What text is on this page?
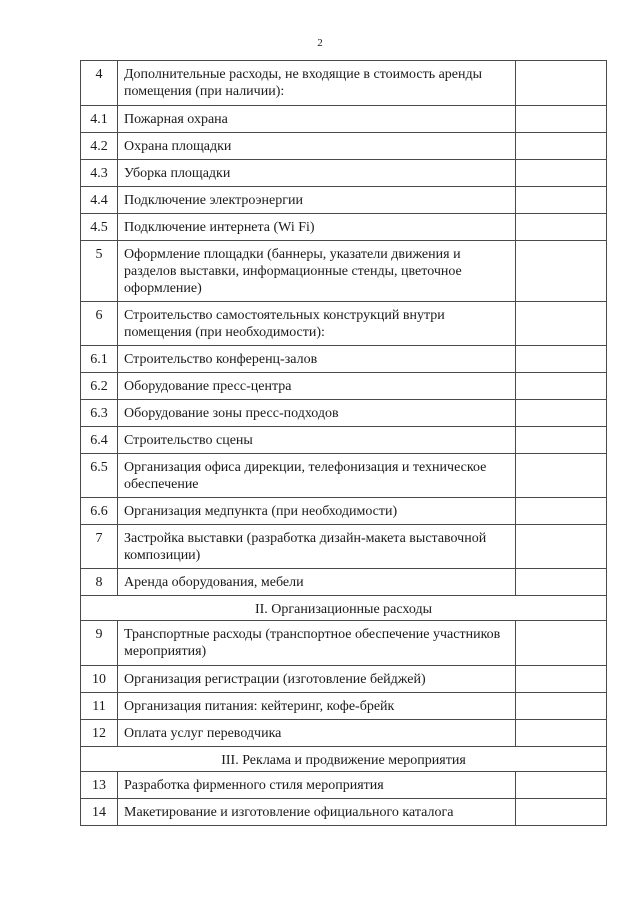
2
4	Дополнительные расходы, не входящие в стоимость аренды помещения (при наличии):	
4.1	Пожарная охрана	
4.2	Охрана площадки	
4.3	Уборка площадки	
4.4	Подключение электроэнергии	
4.5	Подключение интернета (Wi Fi)	
5	Оформление площадки (баннеры, указатели движения и разделов выставки, информационные стенды, цветочное оформление)	
6	Строительство самостоятельных конструкций внутри помещения (при необходимости):	
6.1	Строительство конференц-залов	
6.2	Оборудование пресс-центра	
6.3	Оборудование зоны пресс-подходов	
6.4	Строительство сцены	
6.5	Организация офиса дирекции, телефонизация и техническое обеспечение	
6.6	Организация медпункта (при необходимости)	
7	Застройка выставки (разработка дизайн-макета выставочной композиции)	
8	Аренда оборудования, мебели	
II. Организационные расходы		
9	Транспортные расходы (транспортное обеспечение участников мероприятия)	
10	Организация регистрации (изготовление бейджей)	
11	Организация питания: кейтеринг, кофе-брейк	
12	Оплата услуг переводчика	
III. Реклама и продвижение мероприятия		
13	Разработка фирменного стиля мероприятия	
14	Макетирование и изготовление официального каталога	
